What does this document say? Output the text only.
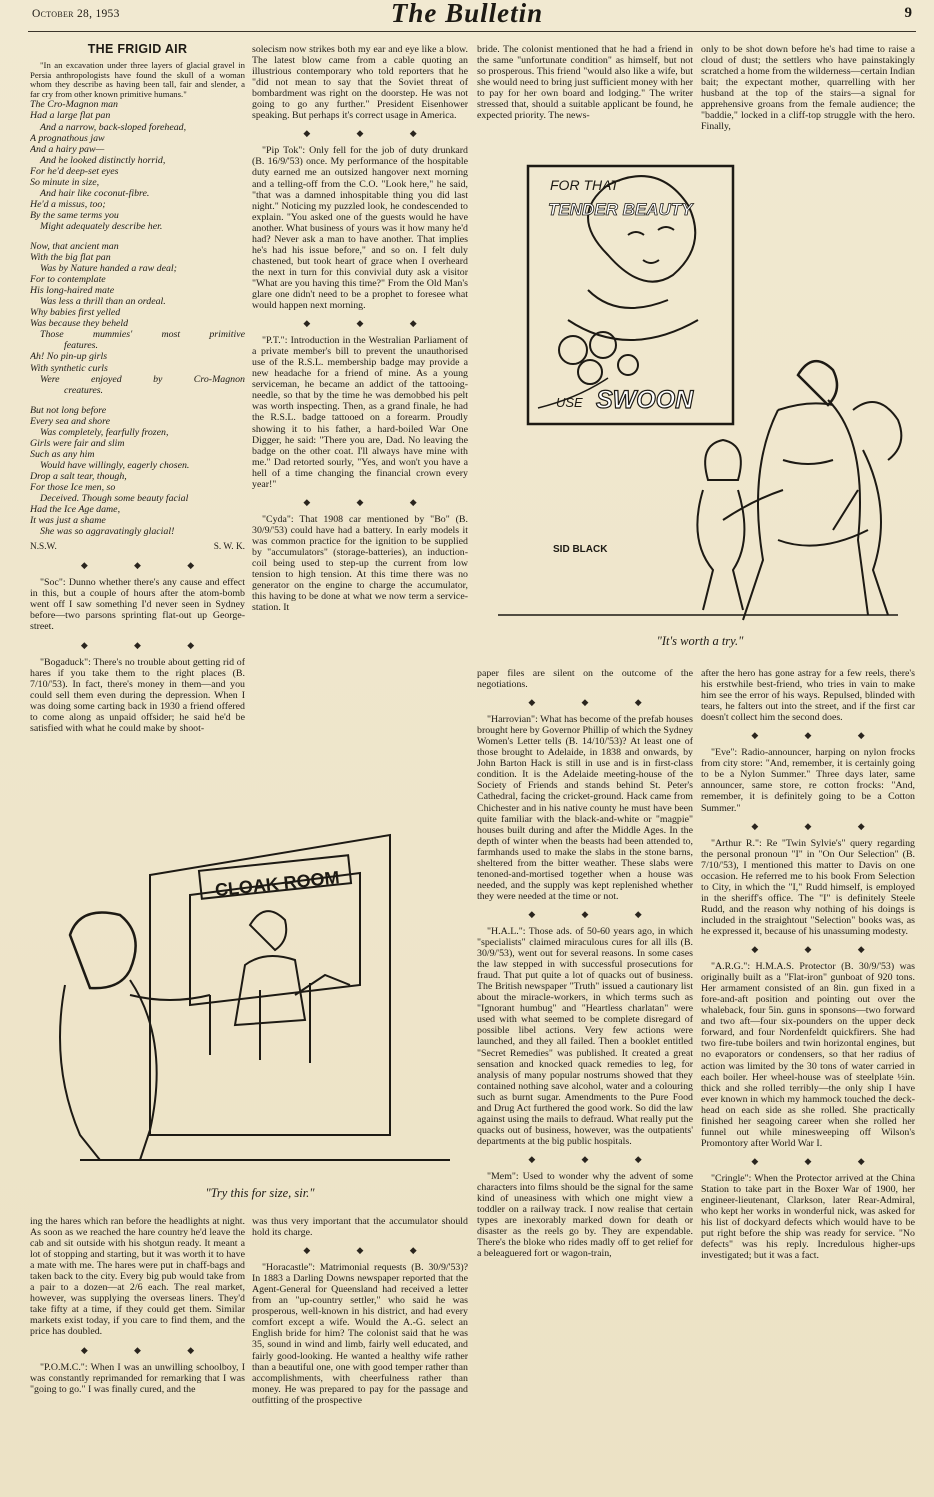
October 28, 1953	The Bulletin	9
THE FRIGID AIR

"In an excavation under three layers of glacial gravel in Persia anthropologists have found the skull of a woman whom they describe as having been tall, fair and slender, a far cry from other known primitive humans."

The Cro-Magnon man
Had a large flat pan
And a narrow, back-sloped forehead,
A prognathous jaw
And a hairy paw—
And he looked distinctly horrid,
For he'd deep-set eyes
So minute in size,
And hair like coconut-fibre.
He'd a missus, too;
By the same terms you
Might adequately describe her.
Now, that ancient man
With the big flat pan
Was by Nature handed a raw deal;
For to contemplate
His long-haired mate
Was less a thrill than an ordeal.
Why babies first yelled
Was because they beheld
Those	mummies'	most	primitive
features.
Ah! No pin-up girls
With synthetic curls
Were	enjoyed	by	Cro-Magnon
creatures.
But not long before
Every sea and shore
Was completely, fearfully frozen,
Girls were fair and slim
Such as any him
Would have willingly, eagerly chosen.
Drop a salt tear, though,
For those Ice men, so
Deceived. Though some beauty facial
Had the Ice Age dame,
It was just a shame
She was so aggravatingly glacial!
N.S.W.	S. W. K.
◆ ◆ ◆

"Soc": Dunno whether there's any cause and effect in this, but a couple of hours after the atom-bomb went off I saw something I'd never seen in Sydney before—two parsons sprinting flat-out up George-street.

◆ ◆ ◆

"Bogaduck": There's no trouble about getting rid of hares if you take them to the right places (B. 7/10/'53). In fact, there's money in them—and you could sell them even during the depression. When I was doing some carting back in 1930 a friend offered to come along as unpaid offsider; he said he'd be satisfied with what he could make by shoot-

solecism now strikes both my ear and eye like a blow. The latest blow came from a cable quoting an illustrious contemporary who told reporters that he "did not mean to say that the Soviet threat of bombardment was right on the doorstep. He was not going to go any further." President Eisenhower speaking. But perhaps it's correct usage in America.

◆ ◆ ◆

"Pip Tok": Only fell for the job of duty drunkard (B. 16/9/'53) once. My performance of the hospitable duty earned me an outsized hangover next morning and a telling-off from the C.O. "Look here," he said, "that was a damned inhospitable thing you did last night." Noticing my puzzled look, he condescended to explain. "You asked one of the guests would he have another. What business of yours was it how many he'd had? Never ask a man to have another. That implies he's had his issue before," and so on. I felt duly chastened, but took heart of grace when I overheard the next in turn for this convivial duty ask a visitor "What are you having this time?" From the Old Man's glare one didn't need to be a prophet to foresee what would happen next morning.

◆ ◆ ◆

"P.T.": Introduction in the Westralian Parliament of a private member's bill to prevent the unauthorised use of the R.S.L. membership badge may provide a new headache for a friend of mine. As a young serviceman, he became an addict of the tattooing-needle, so that by the time he was demobbed his pelt was worth inspecting. Then, as a grand finale, he had the R.S.L. badge tattooed on a forearm. Proudly showing it to his father, a hard-boiled War One Digger, he said: "There you are, Dad. No leaving the badge on the other coat. I'll always have mine with me." Dad retorted sourly, "Yes, and won't you have a hell of a time changing the financial crown every year!"

◆ ◆ ◆

"Cyda": That 1908 car mentioned by "Bo" (B. 30/9/'53) could have had a battery. In early models it was common practice for the ignition to be supplied by "accumulators" (storage-batteries), an induction-coil being used to step-up the current from low tension to high tension. At this time there was no generator on the engine to charge the accumulator, this having to be done at what we now term a service-station. It

bride. The colonist mentioned that he had a friend in the same "unfortunate condition" as himself, but not so prosperous. This friend "would also like a wife, but she would need to bring just sufficient money with her to pay for her own board and lodging." The writer stressed that, should a suitable applicant be found, he expected priority. The news-

only to be shot down before he's had time to raise a cloud of dust; the settlers who have painstakingly scratched a home from the wilderness—certain Indian bait; the expectant mother, quarrelling with her husband at the top of the stairs—a signal for apprehensive groans from the female audience; the "baddie," locked in a cliff-top struggle with the hero. Finally,

FOR THAT
TENDER BEAUTY
USE SWOON
SID BLACK
"It's worth a try."

paper files are silent on the outcome of the negotiations.

◆ ◆ ◆

"Harrovian": What has become of the prefab houses brought here by Governor Phillip of which the Sydney Women's Letter tells (B. 14/10/'53)? At least one of those brought to Adelaide, in 1838 and onwards, by John Barton Hack is still in use and is in first-class condition. It is the Adelaide meeting-house of the Society of Friends and stands behind St. Peter's Cathedral, facing the cricket-ground. Hack came from Chichester and in his native county he must have been quite familiar with the black-and-white or "magpie" houses built during and after the Middle Ages. In the depth of winter when the beasts had been attended to, farmhands used to make the slabs in the stone barns, sheltered from the bitter weather. These slabs were tenoned-and-mortised together when a house was needed, and the supply was kept replenished whether they were needed at the time or not.

◆ ◆ ◆

"H.A.L.": Those ads. of 50-60 years ago, in which "specialists" claimed miraculous cures for all ills (B. 30/9/'53), went out for several reasons. In some cases the law stepped in with successful prosecutions for fraud. That put quite a lot of quacks out of business. The British newspaper "Truth" issued a cautionary list about the miracle-workers, in which terms such as "Ignorant humbug" and "Heartless charlatan" were used with what seemed to be complete disregard of possible libel actions. Very few actions were launched, and they all failed. Then a booklet entitled "Secret Remedies" was published. It created a great sensation and knocked quack remedies to leg, for analysis of many popular nostrums showed that they contained nothing save alcohol, water and a colouring such as burnt sugar. Amendments to the Pure Food and Drug Act furthered the good work. So did the law against using the mails to defraud. What really put the quacks out of business, however, was the outpatients' departments at the big public hospitals.

◆ ◆ ◆

"Mem": Used to wonder why the advent of some characters into films should be the signal for the same kind of uneasiness with which one might view a toddler on a railway track. I now realise that certain types are inexorably marked down for death or disaster as the reels go by. They are expendable. There's the bloke who rides madly off to get relief for a beleaguered fort or wagon-train,

after the hero has gone astray for a few reels, there's his erstwhile best-friend, who tries in vain to make him see the error of his ways. Repulsed, blinded with tears, he falters out into the street, and if the first car doesn't collect him the second does.

◆ ◆ ◆

"Eve": Radio-announcer, harping on nylon frocks from city store: "And, remember, it is certainly going to be a Nylon Summer." Three days later, same announcer, same store, re cotton frocks: "And, remember, it is definitely going to be a Cotton Summer."

◆ ◆ ◆

"Arthur R.": Re "Twin Sylvie's" query regarding the personal pronoun "I" in "On Our Selection" (B. 7/10/'53), I mentioned this matter to Davis on one occasion. He referred me to his book From Selection to City, in which the "I," Rudd himself, is employed in the sheriff's office. The "I" is definitely Steele Rudd, and the reason why nothing of his doings is included in the straightout "Selection" books was, as he expressed it, because of his unassuming modesty.

◆ ◆ ◆

"A.R.G.": H.M.A.S. Protector (B. 30/9/'53) was originally built as a "Flat-iron" gunboat of 920 tons. Her armament consisted of an 8in. gun fixed in a fore-and-aft position and pointing out over the whaleback, four 5in. guns in sponsons—two forward and two aft—four six-pounders on the upper deck forward, and four Nordenfeldt quickfirers. She had two fire-tube boilers and twin horizontal engines, but no evaporators or condensers, so that her radius of action was limited by the 30 tons of water carried in each boiler. Her wheel-house was of steelplate ½in. thick and she rolled terribly—the only ship I have ever known in which my hammock touched the deck-head on each side as she rolled. She practically finished her seagoing career when she rolled her funnel out while minesweeping off Wilson's Promontory after World War I.

◆ ◆ ◆

"Cringle": When the Protector arrived at the China Station to take part in the Boxer War of 1900, her engineer-lieutenant, Clarkson, later Rear-Admiral, who kept her works in wonderful nick, was asked for his list of dockyard defects which would have to be put right before the ship was ready for service. "No defects" was his reply. Incredulous higher-ups investigated; but it was a fact.

CLOAK ROOM
"Try this for size, sir."

ing the hares which ran before the headlights at night. As soon as we reached the hare country he'd leave the cab and sit outside with his shotgun ready. It meant a lot of stopping and starting, but it was worth it to have a mate with me. The hares were put in chaff-bags and taken back to the city. Every big pub would take from a pair to a dozen—at 2/6 each. The real market, however, was supplying the overseas liners. They'd take fifty at a time, if they could get them. Similar markets exist today, if you care to find them, and the price has doubled.

◆ ◆ ◆

"P.O.M.C.": When I was an unwilling schoolboy, I was constantly reprimanded for remarking that I was "going to go." I was finally cured, and the

was thus very important that the accumulator should hold its charge.

◆ ◆ ◆

"Horacastle": Matrimonial requests (B. 30/9/'53)? In 1883 a Darling Downs newspaper reported that the Agent-General for Queensland had received a letter from an "up-country settler," who said he was prosperous, well-known in his district, and had every comfort except a wife. Would the A.-G. select an English bride for him? The colonist said that he was 35, sound in wind and limb, fairly well educated, and fairly good-looking. He wanted a healthy wife rather than a beautiful one, one with good temper rather than accomplishments, with cheerfulness rather than money. He was prepared to pay for the passage and outfitting of the prospective
